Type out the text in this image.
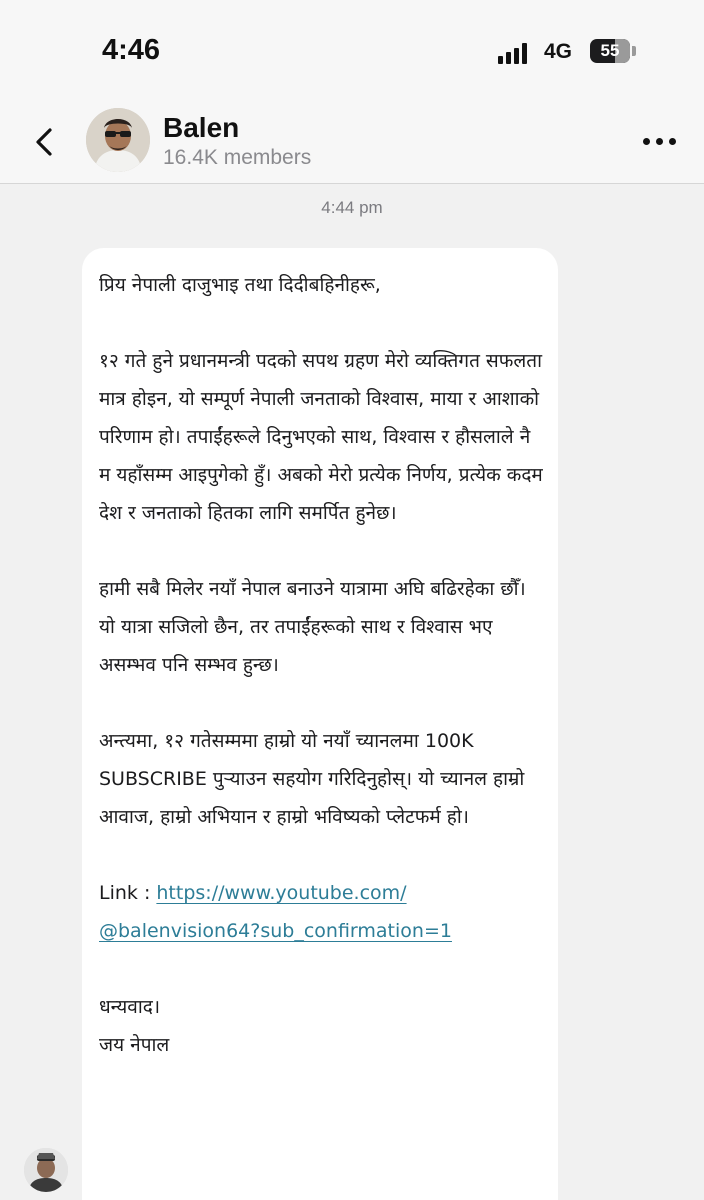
4:46	4G	55
Balen
16.4K members
4:44 pm

प्रिय नेपाली दाजुभाइ तथा दिदीबहिनीहरू,

१२ गते हुने प्रधानमन्त्री पदको सपथ ग्रहण मेरो व्यक्तिगत सफलता मात्र होइन, यो सम्पूर्ण नेपाली जनताको विश्वास, माया र आशाको परिणाम हो। तपाईंहरूले दिनुभएको साथ, विश्वास र हौसलाले नै म यहाँसम्म आइपुगेको हुँ। अबको मेरो प्रत्येक निर्णय, प्रत्येक कदम देश र जनताको हितका लागि समर्पित हुनेछ।

हामी सबै मिलेर नयाँ नेपाल बनाउने यात्रामा अघि बढिरहेका छौँ। यो यात्रा सजिलो छैन, तर तपाईंहरूको साथ र विश्वास भए असम्भव पनि सम्भव हुन्छ।

अन्त्यमा, १२ गतेसम्ममा हाम्रो यो नयाँ च्यानलमा 100K SUBSCRIBE पुऱ्याउन सहयोग गरिदिनुहोस्। यो च्यानल हाम्रो आवाज, हाम्रो अभियान र हाम्रो भविष्यको प्लेटफर्म हो।

Link : https://www.youtube.com/
@balenvision64?sub_confirmation=1

धन्यवाद।
जय नेपाल
